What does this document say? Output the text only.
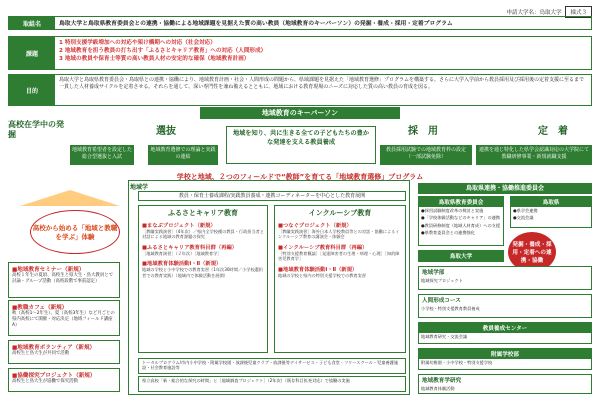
申請大学名：鳥取大学	様式３
取組名	鳥取大学と鳥取県教育委員会との連携・協働による地域課題を見据えた質の高い教員（地域教育のキーパーソン）の発掘・養成・採用・定着プログラム
課題
1 特別支援学級増加への対応や架け橋期への対応（社会対応）
2 地域教育を担う教員の打ち出す「ふるさとキャリア教育」への対応（人間形成）
3 地域の教員や保育士等質の高い教員人材の安定的な確保（地域教育計画）
目的
鳥取大学と鳥取県教育委員会・鳥取県との連携・協働により、地域教育計画・社会・人間形成の問題から、県域課題を見据えた「地域教育選修」プログラムを構築する。さらに大学入学前から教員採用及び採用後の定着支援に至るまで一貫した人材養成サイクルを定着させる。それらを通して、深い専門性を兼ね備えるとともに、地域における教育現場のニーズに対応した質の高い教員の育成を図る。
地域教育のキーパーソン
高校在学中の発掘
地域教育希望者を設定した総合型選抜と入試
選抜
地域教育選修での理論と実践の連結
地域を知り、共に生きる全ての子どもたちの豊かな発達を支える教員養成
採　用
教員採用試験での地域教育枠の設定（一部試験免除）
定　着
連携を通じ特化した県学会認識対応の大学院にて教職研修事業・新規就職支援
学校と地域、２つのフィールドで“教師”を育てる「地域教育選修」プログラム
高校から始める「地域と教職を学ぶ」体験
■地域教育セミナー（新規）
高校１年生の夏頃、高校生と県大生・鳥大教員とで討論・グループ活動（高校段階で事前認定）
■教職カフェ（新規）
秋（高校1〜2年生）、夏（高校3年生）など月ごとの県内高校にて開催・対応決定（地域フィールド講座A）
■地域教育ボランティア（新規）
高校生と鳥大生が共同で活動
■協働探究プロジェクト（新規）
高校生と鳥大生が協働で探究活動
地域学
教員・保育士養成課程/実践教員養成・連携コーディネーターを中心とした教育展開
ふるさとキャリア教育
■まなぶプロジェクト（新規）
［教職実践演習］（4年次）／県内全学校種の教員・行政担当者と対話による地域の教育課題の探究
■ふるさとキャリア教育科目群（再編）
［地域教育演習］（２年次）［地域教育学］
■地域教育体験活動Ⅰ・Ⅱ（新規）
地域の学校と小中学校での教育実習（1年次30時間／小学校選択者での教育実践）（地域内で体験活動を展開）
インクルーシブ教育
■つなぐプロジェクト（新規）
［教職実践演習］海外日本人学校教員等との対話・協働によるインクルーシブ教育の講演会・体験会
■インクルーシブ教育科目群（再編）
［特別支援教育概論］［発達障害者の生理・病理・心理］［知的障害児教育学］
■地域教育体験活動Ⅰ・Ⅱ（新規）
地域の学校と県内の特別支援学校での教育実習
トータルプログラム/市内小中学校・附属学校園・放課後児童クラブ・放課後等デイサービス・子ども食堂・フリースクール・児童養護施設・社会教育施設等
県立高校「新・総合的な探究の時間」と［地域調査プロジェクト］（2年次）（既存科目拡充対応）で協働の実施
鳥取県連携・協働推進委員会
鳥取県教育委員会
●採用試験制度改革の検討と実施
●「学校体験活動などのキャリア」の連携
●教員研修制度（地域人材育成）への支援
●県教育委員会との連携強化
鳥取県
●県学会連携
●交流会議
発掘・養成・採用・定着への連携・協働
鳥取大学
地域学部
地域探究プロジェクト
人間形成コース
小学校・特別支援教育教員養成
教員養成センター
地域教育研究・交流会議
附属学校部
附属幼稚園・小中学校・特別支援学校
地域教育学研究
地域教育体験活動
